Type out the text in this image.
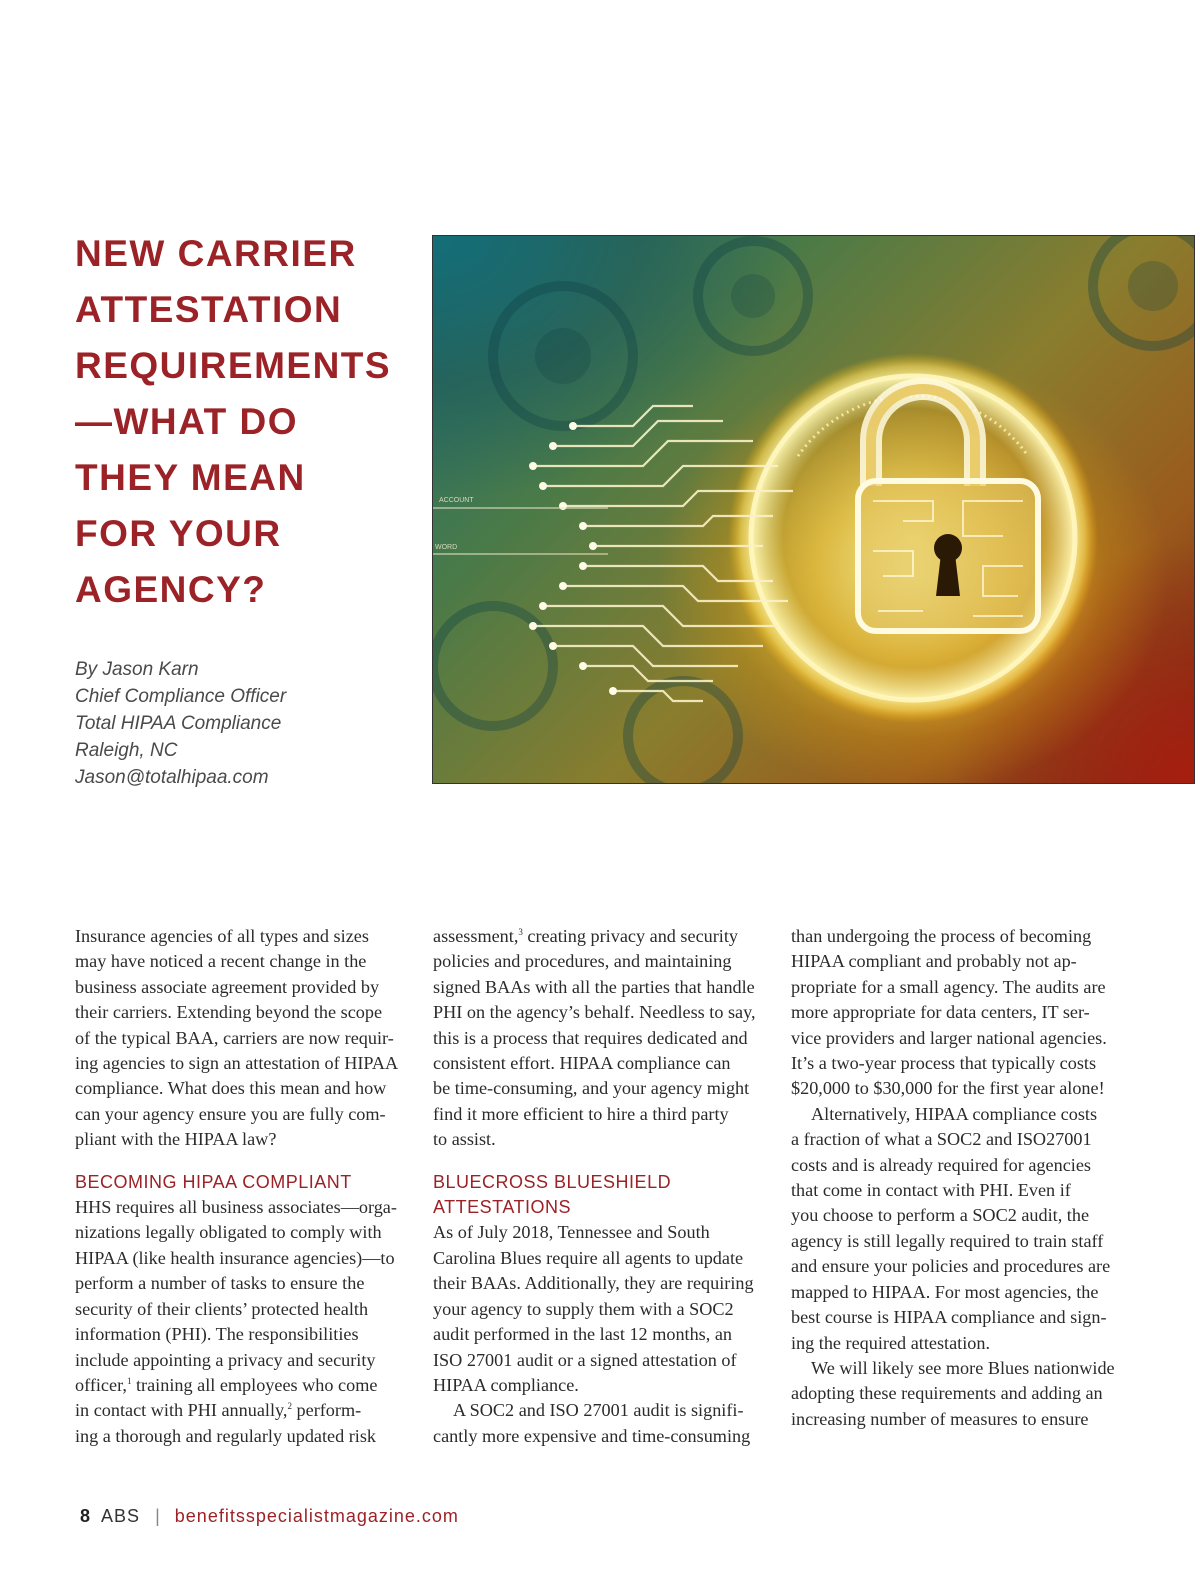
NEW CARRIER
ATTESTATION
REQUIREMENTS
—WHAT DO
THEY MEAN
FOR YOUR
AGENCY?
By Jason Karn
Chief Compliance Officer
Total HIPAA Compliance
Raleigh, NC
Jason@totalhipaa.com
ACCOUNT
WORD
Insurance agencies of all types and sizes
may have noticed a recent change in the
business associate agreement provided by
their carriers. Extending beyond the scope
of the typical BAA, carriers are now requir-
ing agencies to sign an attestation of HIPAA
compliance. What does this mean and how
can your agency ensure you are fully com-
pliant with the HIPAA law?
BECOMING HIPAA COMPLIANT
HHS requires all business associates—orga-
nizations legally obligated to comply with
HIPAA (like health insurance agencies)—to
perform a number of tasks to ensure the
security of their clients’ protected health
information (PHI). The responsibilities
include appointing a privacy and security
officer,$^1$ training all employees who come
in contact with PHI annually,$^2$ perform-
ing a thorough and regularly updated risk
assessment,$^3$ creating privacy and security
policies and procedures, and maintaining
signed BAAs with all the parties that handle
PHI on the agency’s behalf. Needless to say,
this is a process that requires dedicated and
consistent effort. HIPAA compliance can
be time-consuming, and your agency might
find it more efficient to hire a third party
to assist.
BLUECROSS BLUESHIELD
ATTESTATIONS
As of July 2018, Tennessee and South
Carolina Blues require all agents to update
their BAAs. Additionally, they are requiring
your agency to supply them with a SOC2
audit performed in the last 12 months, an
ISO 27001 audit or a signed attestation of
HIPAA compliance.
A SOC2 and ISO 27001 audit is signifi-
cantly more expensive and time-consuming
than undergoing the process of becoming
HIPAA compliant and probably not ap-
propriate for a small agency. The audits are
more appropriate for data centers, IT ser-
vice providers and larger national agencies.
It’s a two-year process that typically costs
$20,000 to $30,000 for the first year alone!
Alternatively, HIPAA compliance costs
a fraction of what a SOC2 and ISO27001
costs and is already required for agencies
that come in contact with PHI. Even if
you choose to perform a SOC2 audit, the
agency is still legally required to train staff
and ensure your policies and procedures are
mapped to HIPAA. For most agencies, the
best course is HIPAA compliance and sign-
ing the required attestation.
We will likely see more Blues nationwide
adopting these requirements and adding an
increasing number of measures to ensure
8 ABS | benefitsspecialistmagazine.com
